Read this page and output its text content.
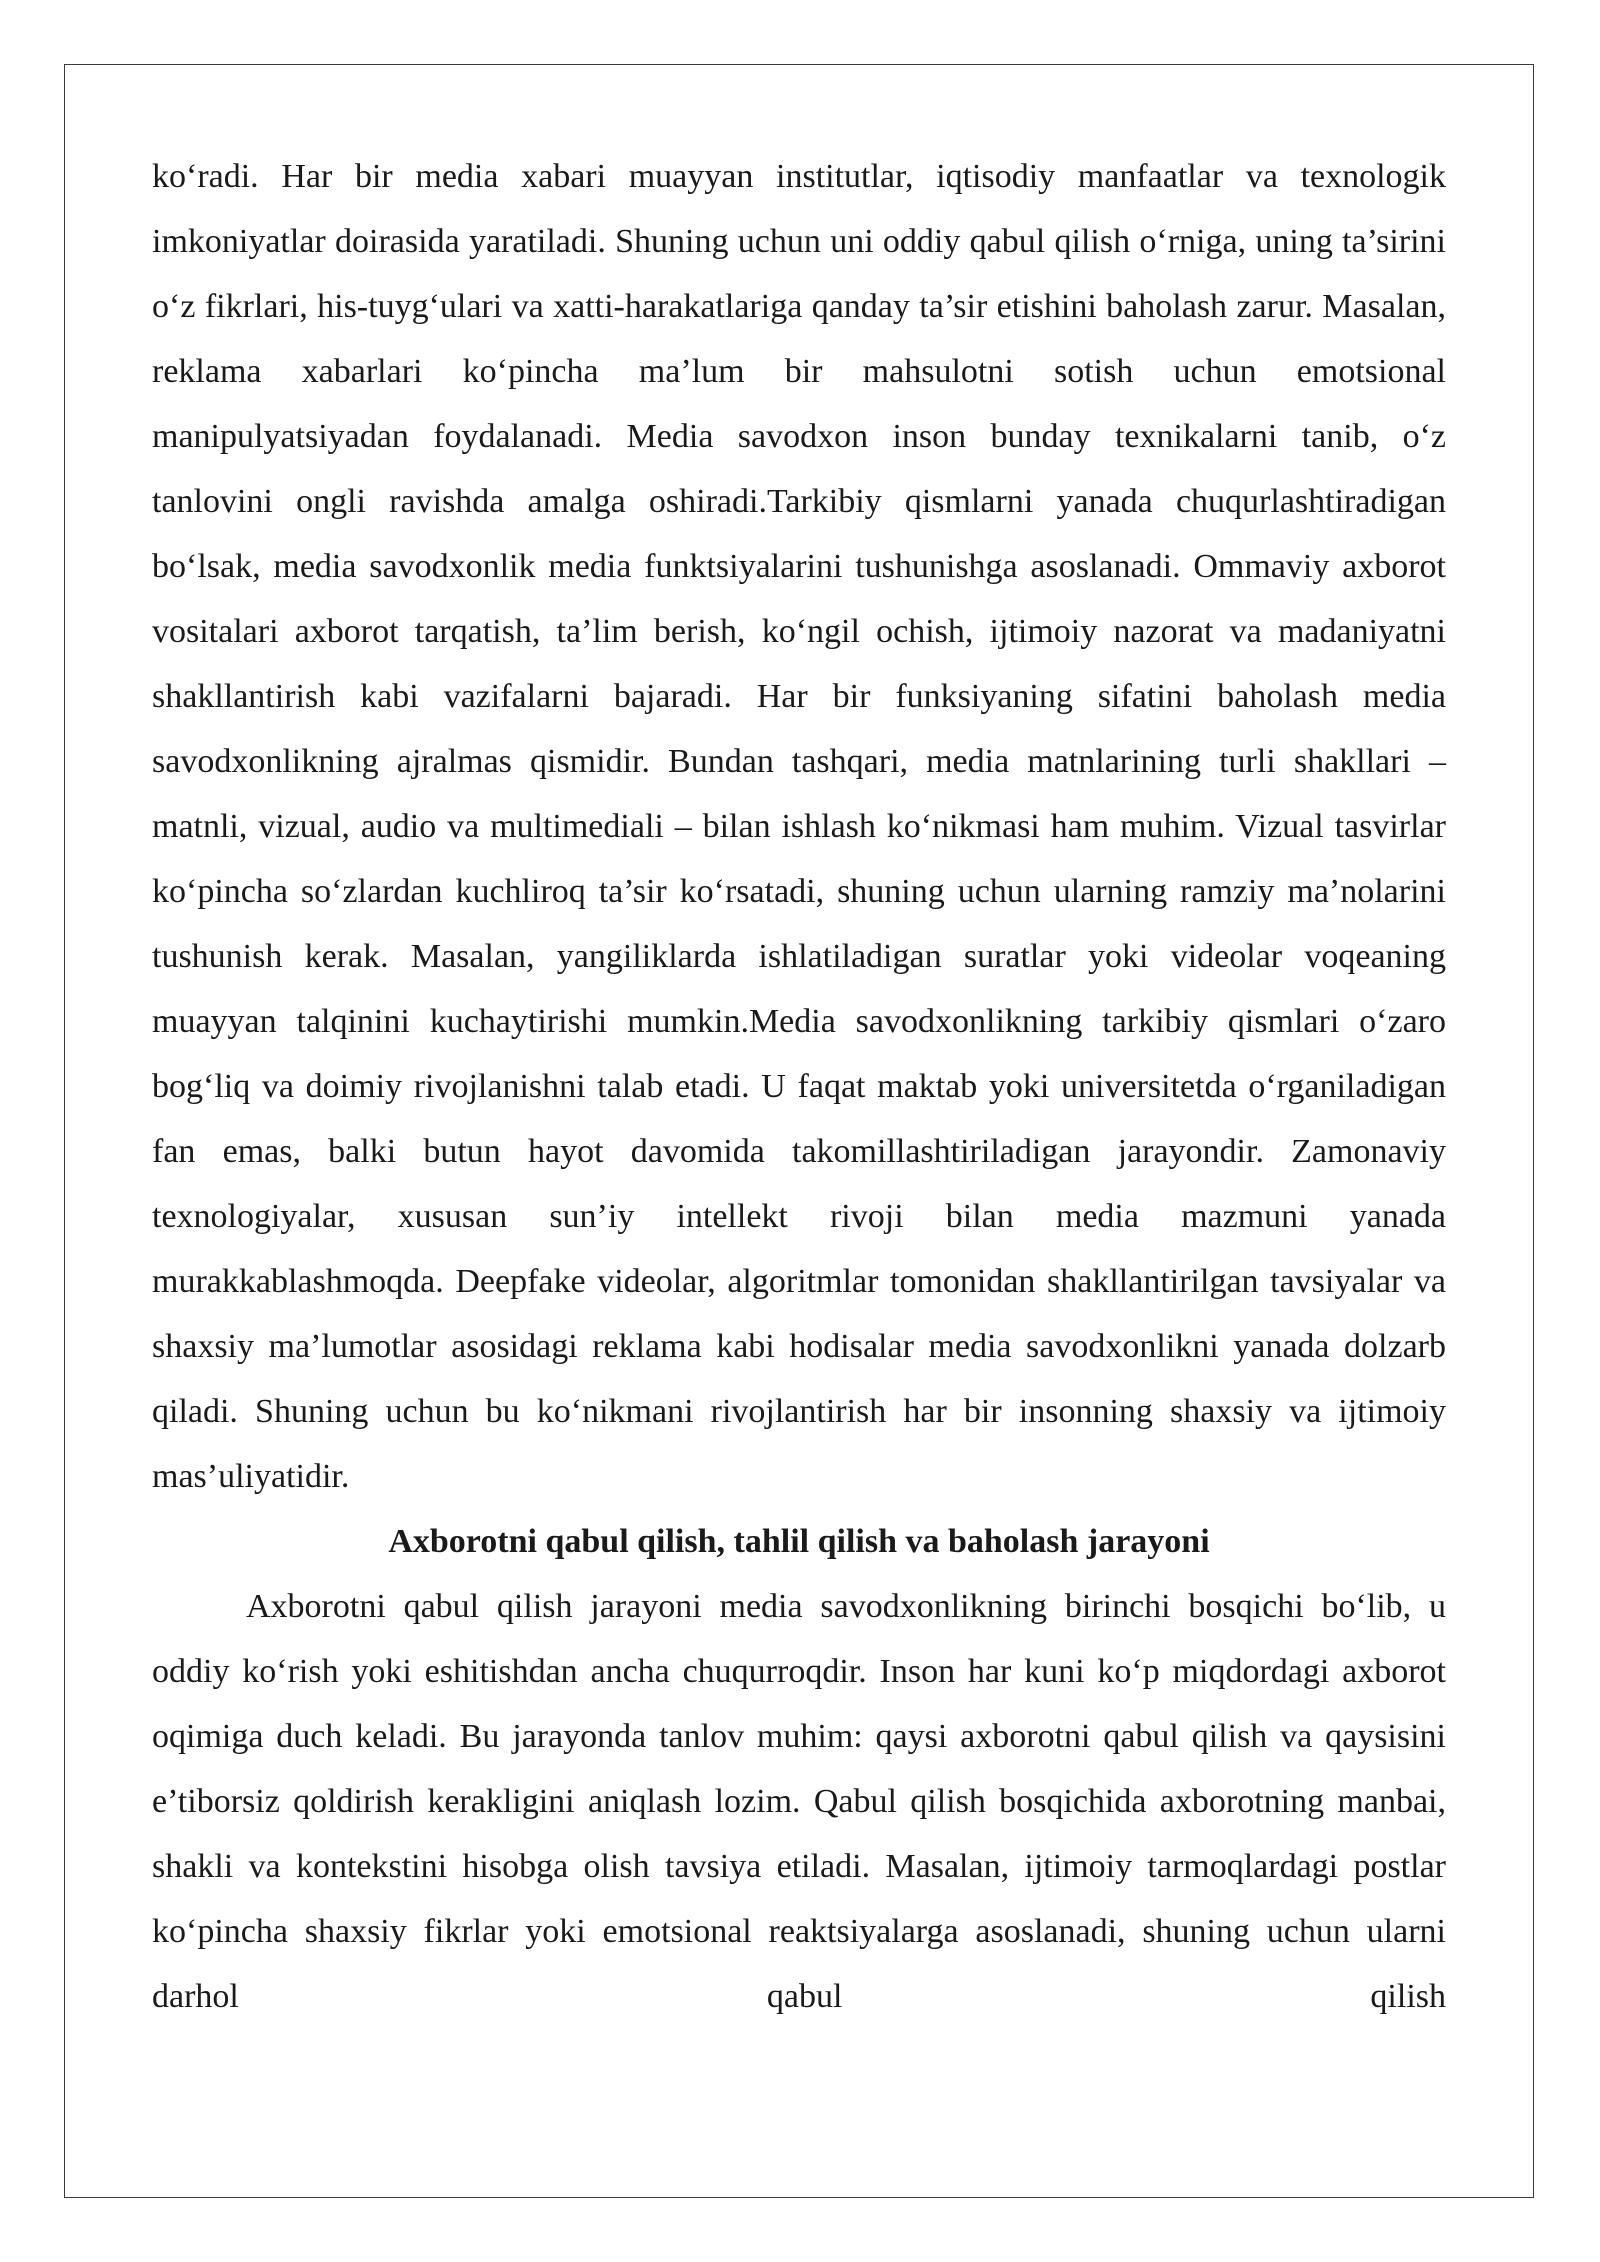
ko‘radi. Har bir media xabari muayyan institutlar, iqtisodiy manfaatlar va texnologik imkoniyatlar doirasida yaratiladi. Shuning uchun uni oddiy qabul qilish o‘rniga, uning ta’sirini o‘z fikrlari, his-tuyg‘ulari va xatti-harakatlariga qanday ta’sir etishini baholash zarur. Masalan, reklama xabarlari ko‘pincha ma’lum bir mahsulotni sotish uchun emotsional manipulyatsiyadan foydalanadi. Media savodxon inson bunday texnikalarni tanib, o‘z tanlovini ongli ravishda amalga oshiradi.Tarkibiy qismlarni yanada chuqurlashtiradigan bo‘lsak, media savodxonlik media funktsiyalarini tushunishga asoslanadi. Ommaviy axborot vositalari axborot tarqatish, ta’lim berish, ko‘ngil ochish, ijtimoiy nazorat va madaniyatni shakllantirish kabi vazifalarni bajaradi. Har bir funksiyaning sifatini baholash media savodxonlikning ajralmas qismidir. Bundan tashqari, media matnlarining turli shakllari – matnli, vizual, audio va multimediali – bilan ishlash ko‘nikmasi ham muhim. Vizual tasvirlar ko‘pincha so‘zlardan kuchliroq ta’sir ko‘rsatadi, shuning uchun ularning ramziy ma’nolarini tushunish kerak. Masalan, yangiliklarda ishlatiladigan suratlar yoki videolar voqeaning muayyan talqinini kuchaytirishi mumkin.Media savodxonlikning tarkibiy qismlari o‘zaro bog‘liq va doimiy rivojlanishni talab etadi. U faqat maktab yoki universitetda o‘rganiladigan fan emas, balki butun hayot davomida takomillashtiriladigan jarayondir. Zamonaviy texnologiyalar, xususan sun’iy intellekt rivoji bilan media mazmuni yanada murakkablashmoqda. Deepfake videolar, algoritmlar tomonidan shakllantirilgan tavsiyalar va shaxsiy ma’lumotlar asosidagi reklama kabi hodisalar media savodxonlikni yanada dolzarb qiladi. Shuning uchun bu ko‘nikmani rivojlantirish har bir insonning shaxsiy va ijtimoiy mas’uliyatidir.

Axborotni qabul qilish, tahlil qilish va baholash jarayoni

Axborotni qabul qilish jarayoni media savodxonlikning birinchi bosqichi bo‘lib, u oddiy ko‘rish yoki eshitishdan ancha chuqurroqdir. Inson har kuni ko‘p miqdordagi axborot oqimiga duch keladi. Bu jarayonda tanlov muhim: qaysi axborotni qabul qilish va qaysisini e’tiborsiz qoldirish kerakligini aniqlash lozim. Qabul qilish bosqichida axborotning manbai, shakli va kontekstini hisobga olish tavsiya etiladi. Masalan, ijtimoiy tarmoqlardagi postlar ko‘pincha shaxsiy fikrlar yoki emotsional reaktsiyalarga asoslanadi, shuning uchun ularni darhol qabul qilish
